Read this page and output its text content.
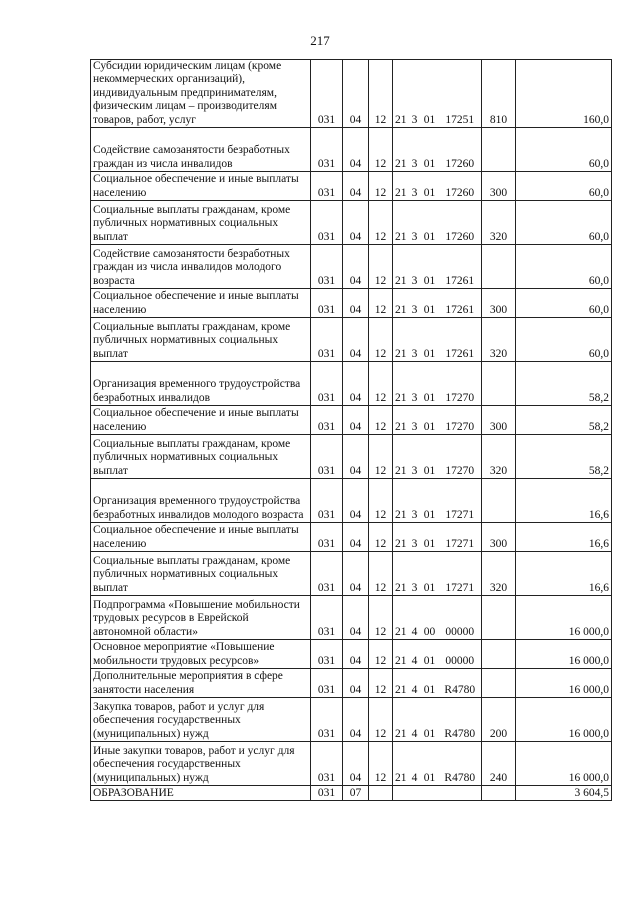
217
Субсидии юридическим лицам (кроме некоммерческих организаций), индивидуальным предпринимателям, физическим лицам – производителям товаров, работ, услуг	031	04	12	21	3	01	17251	810	160,0
Содействие самозанятости безработных граждан из числа инвалидов	031	04	12	21	3	01	17260		60,0
Социальное обеспечение и иные выплаты населению	031	04	12	21	3	01	17260	300	60,0
Социальные выплаты гражданам, кроме публичных нормативных социальных выплат	031	04	12	21	3	01	17260	320	60,0
Содействие самозанятости безработных граждан из числа инвалидов молодого возраста	031	04	12	21	3	01	17261		60,0
Социальное обеспечение и иные выплаты населению	031	04	12	21	3	01	17261	300	60,0
Социальные выплаты гражданам, кроме публичных нормативных социальных выплат	031	04	12	21	3	01	17261	320	60,0
Организация временного трудоустройства безработных инвалидов	031	04	12	21	3	01	17270		58,2
Социальное обеспечение и иные выплаты населению	031	04	12	21	3	01	17270	300	58,2
Социальные выплаты гражданам, кроме публичных нормативных социальных выплат	031	04	12	21	3	01	17270	320	58,2
Организация временного трудоустройства безработных инвалидов молодого возраста	031	04	12	21	3	01	17271		16,6
Социальное обеспечение и иные выплаты населению	031	04	12	21	3	01	17271	300	16,6
Социальные выплаты гражданам, кроме публичных нормативных социальных выплат	031	04	12	21	3	01	17271	320	16,6
Подпрограмма «Повышение мобильности трудовых ресурсов в Еврейской автономной области»	031	04	12	21	4	00	00000		16 000,0
Основное мероприятие «Повышение мобильности трудовых ресурсов»	031	04	12	21	4	01	00000		16 000,0
Дополнительные мероприятия в сфере занятости населения	031	04	12	21	4	01	R4780		16 000,0
Закупка товаров, работ и услуг для обеспечения государственных (муниципальных) нужд	031	04	12	21	4	01	R4780	200	16 000,0
Иные закупки товаров, работ и услуг для обеспечения государственных (муниципальных) нужд	031	04	12	21	4	01	R4780	240	16 000,0
ОБРАЗОВАНИЕ	031	07							3 604,5
